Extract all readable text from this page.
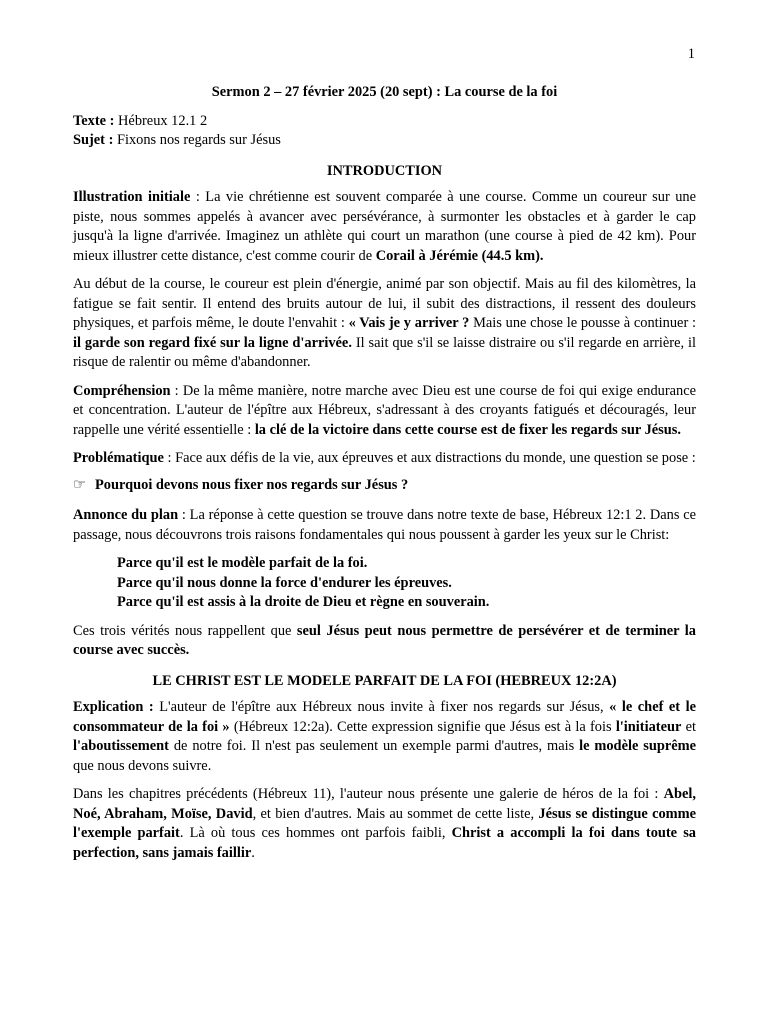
1
Sermon 2 – 27 février 2025 (20 sept) : La course de la foi
Texte : Hébreux 12.1 2
Sujet : Fixons nos regards sur Jésus
INTRODUCTION

Illustration initiale : La vie chrétienne est souvent comparée à une course. Comme un coureur sur une piste, nous sommes appelés à avancer avec persévérance, à surmonter les obstacles et à garder le cap jusqu'à la ligne d'arrivée. Imaginez un athlète qui court un marathon (une course à pied de 42 km). Pour mieux illustrer cette distance, c'est comme courir de Corail à Jérémie (44.5 km).

Au début de la course, le coureur est plein d'énergie, animé par son objectif. Mais au fil des kilomètres, la fatigue se fait sentir. Il entend des bruits autour de lui, il subit des distractions, il ressent des douleurs physiques, et parfois même, le doute l'envahit : « Vais je y arriver ? Mais une chose le pousse à continuer : il garde son regard fixé sur la ligne d'arrivée. Il sait que s'il se laisse distraire ou s'il regarde en arrière, il risque de ralentir ou même d'abandonner.

Compréhension : De la même manière, notre marche avec Dieu est une course de foi qui exige endurance et concentration. L'auteur de l'épître aux Hébreux, s'adressant à des croyants fatigués et découragés, leur rappelle une vérité essentielle : la clé de la victoire dans cette course est de fixer les regards sur Jésus.

Problématique : Face aux défis de la vie, aux épreuves et aux distractions du monde, une question se pose :

☞ Pourquoi devons nous fixer nos regards sur Jésus ?

Annonce du plan : La réponse à cette question se trouve dans notre texte de base, Hébreux 12:1 2. Dans ce passage, nous découvrons trois raisons fondamentales qui nous poussent à garder les yeux sur le Christ:

Parce qu'il est le modèle parfait de la foi.
Parce qu'il nous donne la force d'endurer les épreuves.
Parce qu'il est assis à la droite de Dieu et règne en souverain.

Ces trois vérités nous rappellent que seul Jésus peut nous permettre de persévérer et de terminer la course avec succès.

LE CHRIST EST LE MODELE PARFAIT DE LA FOI (HEBREUX 12:2A)

Explication : L'auteur de l'épître aux Hébreux nous invite à fixer nos regards sur Jésus, « le chef et le consommateur de la foi » (Hébreux 12:2a). Cette expression signifie que Jésus est à la fois l'initiateur et l'aboutissement de notre foi. Il n'est pas seulement un exemple parmi d'autres, mais le modèle suprême que nous devons suivre.

Dans les chapitres précédents (Hébreux 11), l'auteur nous présente une galerie de héros de la foi : Abel, Noé, Abraham, Moïse, David, et bien d'autres. Mais au sommet de cette liste, Jésus se distingue comme l'exemple parfait. Là où tous ces hommes ont parfois faibli, Christ a accompli la foi dans toute sa perfection, sans jamais faillir.
